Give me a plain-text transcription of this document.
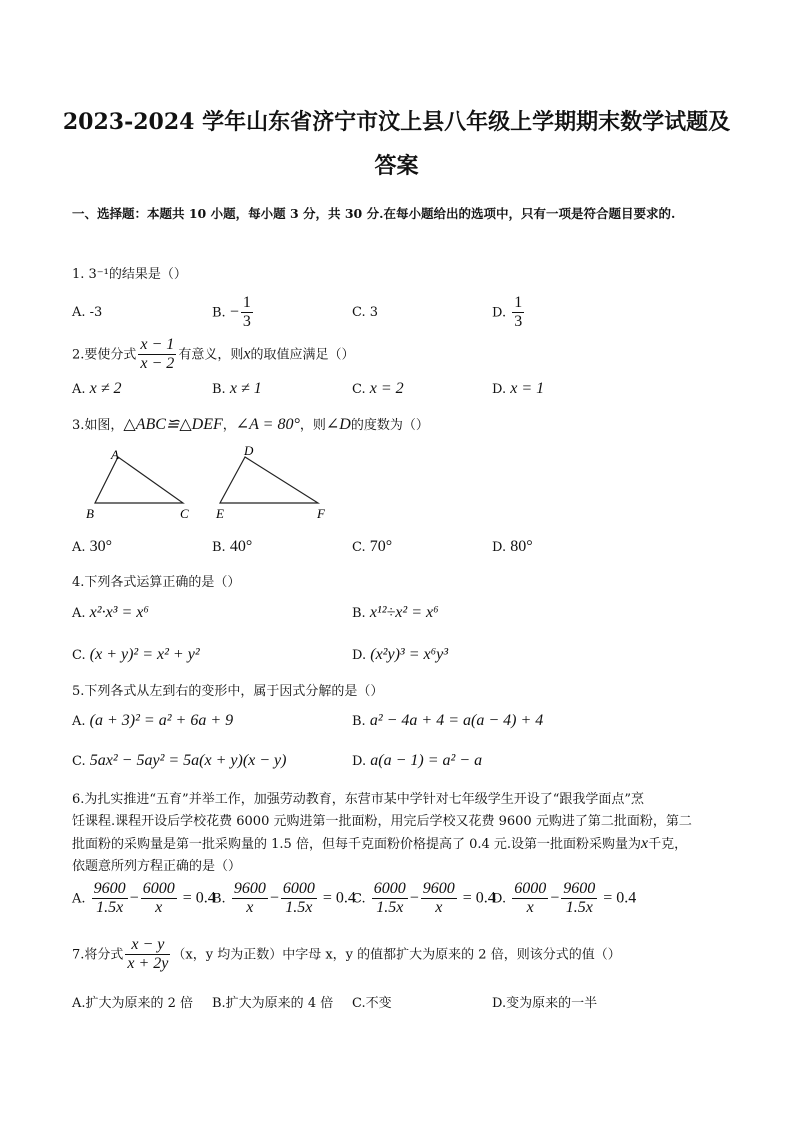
2023-2024 学年山东省济宁市汶上县八年级上学期期末数学试题及答案
一、选择题：本题共 10 小题，每小题 3 分，共 30 分.在每小题给出的选项中，只有一项是符合题目要求的.
1. 3⁻¹的结果是（）
A. -3	B. − $\frac{1}{3}$	C. 3	D. $\frac{1}{3}$
2.要使分式 $\frac{x - 1}{x - 2}$ 有意义，则x的取值应满足（）
A. x ≠ 2	B. x ≠ 1	C. x = 2	D. x = 1
3.如图，△ABC≌△DEF，∠A = 80°，则∠D的度数为（）
A
B	C
D
E	F
A. 30°	B. 40°	C. 70°	D. 80°
4.下列各式运算正确的是（）
A. x²·x³ = x⁶	B. x¹²÷x² = x⁶
C. (x + y)² = x² + y²	D. (x²y)³ = x⁶y³
5.下列各式从左到右的变形中，属于因式分解的是（）
A. (a + 3)² = a² + 6a + 9	B. a² − 4a + 4 = a(a − 4) + 4
C. 5ax² − 5ay² = 5a(x + y)(x − y)	D. a(a − 1) = a² − a
6.为扎实推进“五育”并举工作，加强劳动教育，东营市某中学针对七年级学生开设了“跟我学面点”烹
饪课程.课程开设后学校花费 6000 元购进第一批面粉，用完后学校又花费 9600 元购进了第二批面粉，第二
批面粉的采购量是第一批采购量的 1.5 倍，但每千克面粉价格提高了 0.4 元.设第一批面粉采购量为x千克，
依题意所列方程正确的是（）
A. $\frac{9600}{1.5x} - \frac{6000}{x} = 0.4$
B. $\frac{9600}{x} - \frac{6000}{1.5x} = 0.4$
C. $\frac{6000}{1.5x} - \frac{9600}{x} = 0.4$
D. $\frac{6000}{x} - \frac{9600}{1.5x} = 0.4$
7.将分式 $\frac{x - y}{x + 2y} (x$，y 均为正数）中字母 x，y 的值都扩大为原来的 2 倍，则该分式的值（）
A.扩大为原来的 2 倍 B.扩大为原来的 4 倍 C.不变	D.变为原来的一半
